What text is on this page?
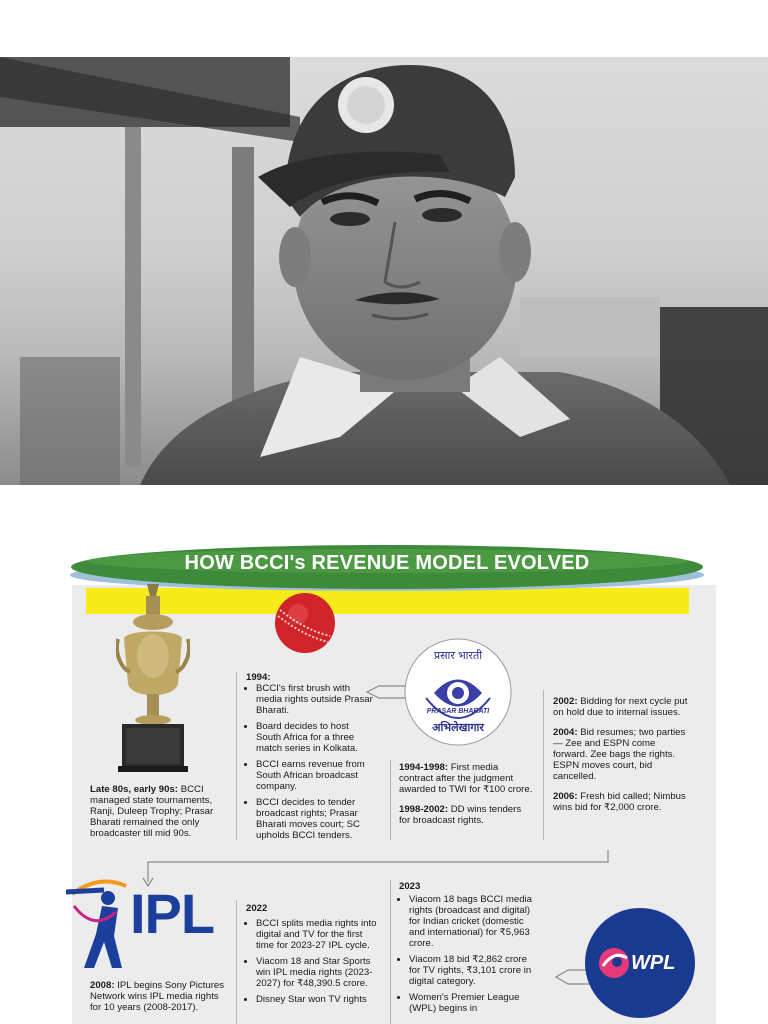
HOW BCCI's REVENUE MODEL EVOLVED
Late 80s, early 90s: BCCI managed state tournaments, Ranji, Duleep Trophy; Prasar Bharati remained the only broadcaster till mid 90s.
1994:
• BCCI's first brush with media rights outside Prasar Bharati.
• Board decides to host South Africa for a three match series in Kolkata.
• BCCI earns revenue from South African broadcast company.
• BCCI decides to tender broadcast rights; Prasar Bharati moves court; SC upholds BCCI tenders.
प्रसार भारती
PRASAR BHARATI
अभिलेखागार

1994-1998: First media contract after the judgment awarded to TWI for ₹100 crore.

1998-2002: DD wins tenders for broadcast rights.

2002: Bidding for next cycle put on hold due to internal issues.

2004: Bid resumes; two parties — Zee and ESPN come forward. Zee bags the rights. ESPN moves court, bid cancelled.

2006: Fresh bid called; Nimbus wins bid for ₹2,000 crore.

IPL
2008: IPL begins Sony Pictures Network wins IPL media rights for 10 years (2008-2017).
2022
• BCCI splits media rights into digital and TV for the first time for 2023-27 IPL cycle.
• Viacom 18 and Star Sports win IPL media rights (2023-2027) for ₹48,390.5 crore.
• Disney Star won TV rights
2023
• Viacom 18 bags BCCI media rights (broadcast and digital) for Indian cricket (domestic and international) for ₹5,963 crore.
• Viacom 18 bid ₹2,862 crore for TV rights, ₹3,101 crore in digital category.
• Women's Premier League (WPL) begins in
WPL
